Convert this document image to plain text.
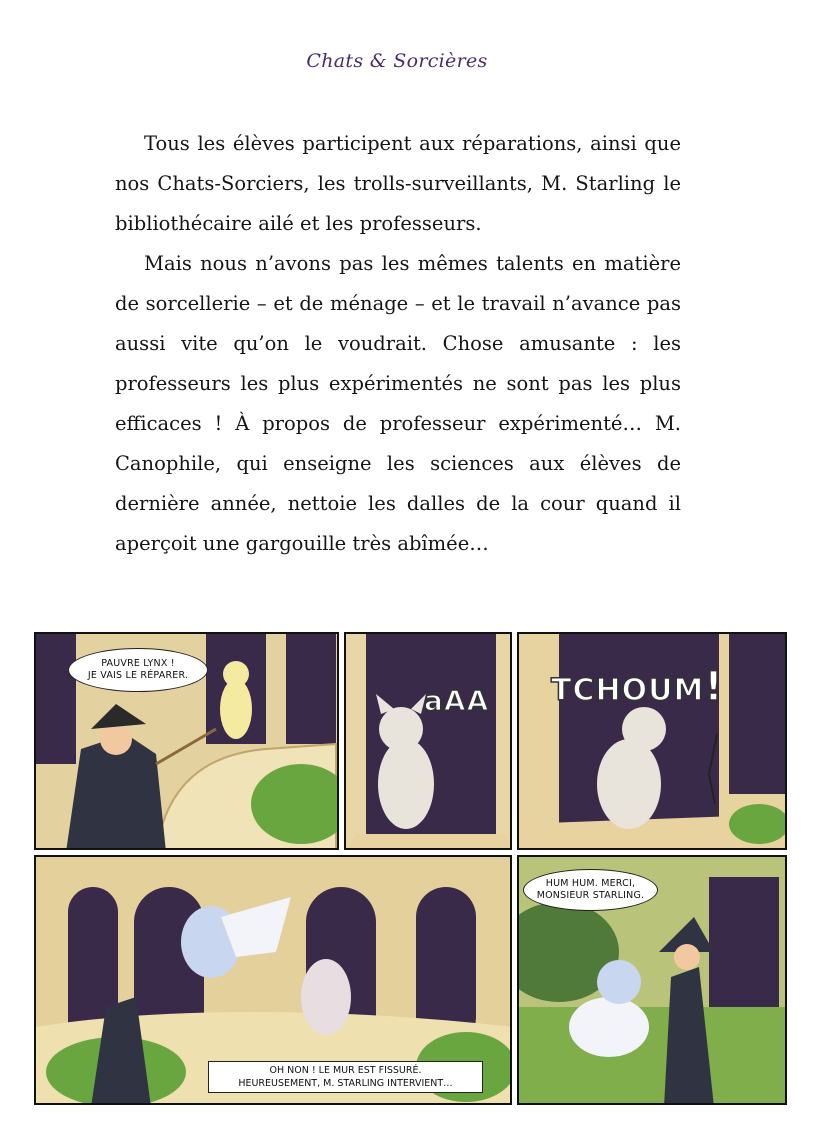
Chats & Sorcières

Tous les élèves participent aux réparations, ainsi que nos Chats-Sorciers, les trolls-surveillants, M. Starling le bibliothécaire ailé et les professeurs.

Mais nous n’avons pas les mêmes talents en matière de sorcellerie – et de ménage – et le travail n’avance pas aussi vite qu’on le voudrait. Chose amusante : les professeurs les plus expérimentés ne sont pas les plus efficaces ! À propos de professeur expérimenté… M. Canophile, qui enseigne les sciences aux élèves de dernière année, nettoie les dalles de la cour quand il aperçoit une gargouille très abîmée…

PAUVRE LYNX !
JE VAIS LE RÉPARER.
aAA TCHOUM!
OH NON ! LE MUR EST FISSURÉ.
HEUREUSEMENT, M. STARLING INTERVIENT…
HUM HUM. MERCI,
MONSIEUR STARLING.
